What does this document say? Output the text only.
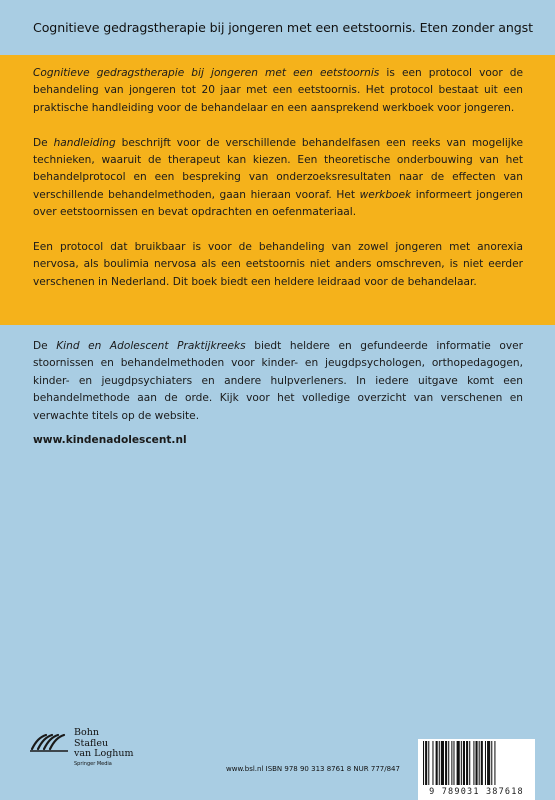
Cognitieve gedragstherapie bij jongeren met een eetstoornis. Eten zonder angst

Cognitieve gedragstherapie bij jongeren met een eetstoornis is een protocol voor de behandeling van jongeren tot 20 jaar met een eetstoornis. Het protocol bestaat uit een praktische handleiding voor de behandelaar en een aansprekend werkboek voor jongeren.

De handleiding beschrijft voor de verschillende behandelfasen een reeks van mogelijke technieken, waaruit de therapeut kan kiezen. Een theoretische onderbouwing van het behandelprotocol en een bespreking van onderzoeksresultaten naar de effecten van verschillende behandelmethoden, gaan hieraan vooraf. Het werkboek informeert jongeren over eetstoornissen en bevat opdrachten en oefenmateriaal.

Een protocol dat bruikbaar is voor de behandeling van zowel jongeren met anorexia nervosa, als boulimia nervosa als een eetstoornis niet anders omschreven, is niet eerder verschenen in Nederland. Dit boek biedt een heldere leidraad voor de behandelaar.

De Kind en Adolescent Praktijkreeks biedt heldere en gefundeerde informatie over stoornissen en behandelmethoden voor kinder- en jeugdpsychologen, orthopedagogen, kinder- en jeugdpsychiaters en andere hulpverleners. In iedere uitgave komt een behandelmethode aan de orde. Kijk voor het volledige overzicht van verschenen en verwachte titels op de website.

www.kindenadolescent.nl
Bohn
Stafleu
van Loghum
Springer Media
www.bsl.nl ISBN 978 90 313 8761 8 NUR 777/847
9 789031 387618
